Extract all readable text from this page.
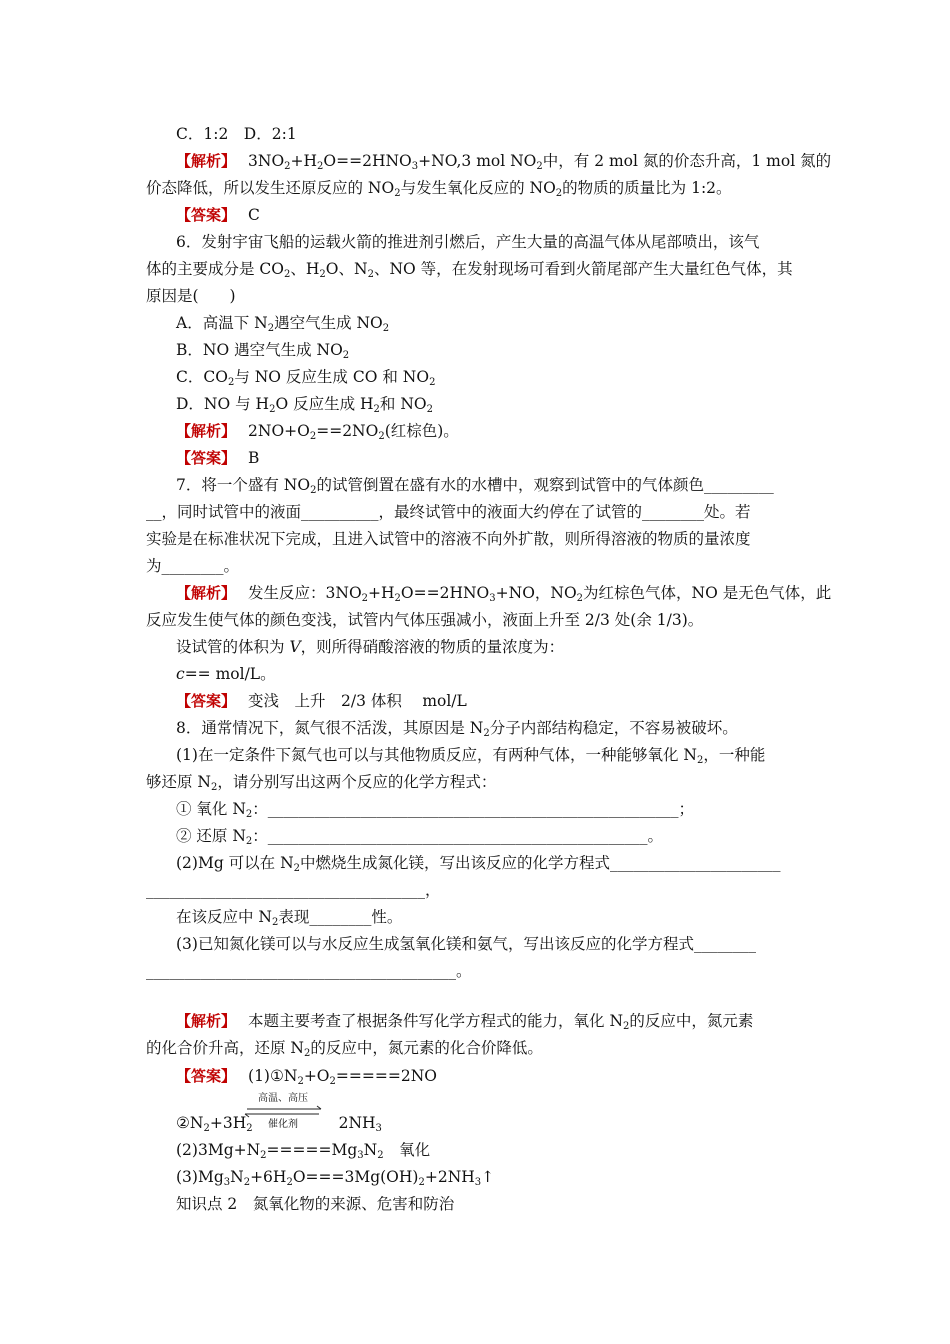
C．1:2　D．2:1
【解析】 $3NO_2+H_2O==2HNO_3+NO,3$ mol $NO_2$中，有 2 mol 氮的价态升高，1 mol 氮的
价态降低，所以发生还原反应的 $NO_2$与发生氧化反应的 $NO_2$的物质的质量比为 1:2。
【答案】 C
6．发射宇宙飞船的运载火箭的推进剂引燃后，产生大量的高温气体从尾部喷出，该气
体的主要成分是 $CO_2$、$H_2O$、$N_2$、NO 等，在发射现场可看到火箭尾部产生大量红色气体，其
原因是(　　)
A．高温下 $N_2$遇空气生成 $NO_2$
B．NO 遇空气生成 $NO_2$
C．$CO_2$与 NO 反应生成 CO 和 $NO_2$
D．NO 与 $H_2O$ 反应生成 $H_2$和 $NO_2$
【解析】 $2NO+O_2==2NO_2$(红棕色)。
【答案】 B
7．将一个盛有 $NO_2$的试管倒置在盛有水的水槽中，观察到试管中的气体颜色_________
__，同时试管中的液面__________，最终试管中的液面大约停在了试管的________处。若
实验是在标准状况下完成，且进入试管中的溶液不向外扩散，则所得溶液的物质的量浓度
为________。
【解析】 发生反应：$3NO_2+H_2O==2HNO_3+NO$，$NO_2$为红棕色气体，NO 是无色气体，此
反应发生使气体的颜色变浅，试管内气体压强减小，液面上升至 2/3 处(余 1/3)。
设试管的体积为 V，则所得硝酸溶液的物质的量浓度为：
c== mol/L。
【答案】 变浅　上升　2/3 体积　 mol/L
8．通常情况下，氮气很不活泼，其原因是 $N_2$分子内部结构稳定，不容易被破坏。
(1)在一定条件下氮气也可以与其他物质反应，有两种气体，一种能够氧化 $N_2$，一种能
够还原 $N_2$，请分别写出这两个反应的化学方程式：
① 氧化 $N_2$：_____________________________________________________；
② 还原 $N_2$：_________________________________________________。
(2)Mg 可以在 $N_2$中燃烧生成氮化镁，写出该反应的化学方程式______________________
____________________________________，
在该反应中 $N_2$表现________性。
(3)已知氮化镁可以与水反应生成氢氧化镁和氨气，写出该反应的化学方程式________
________________________________________。
【解析】 本题主要考查了根据条件写化学方程式的能力，氧化 $N_2$的反应中，氮元素
的化合价升高，还原 $N_2$的反应中，氮元素的化合价降低。
【答案】 $(1)①N_2+O_2=====2NO$
高温、高压
催化剂
$②N_2+3H_2$	$2NH_3$
$(2)3Mg+N_2=====Mg_3N_2$　氧化
$(3)Mg_3N_2+6H_2O===3Mg(OH)_2+2NH_3↑$
知识点 2　氮氧化物的来源、危害和防治
